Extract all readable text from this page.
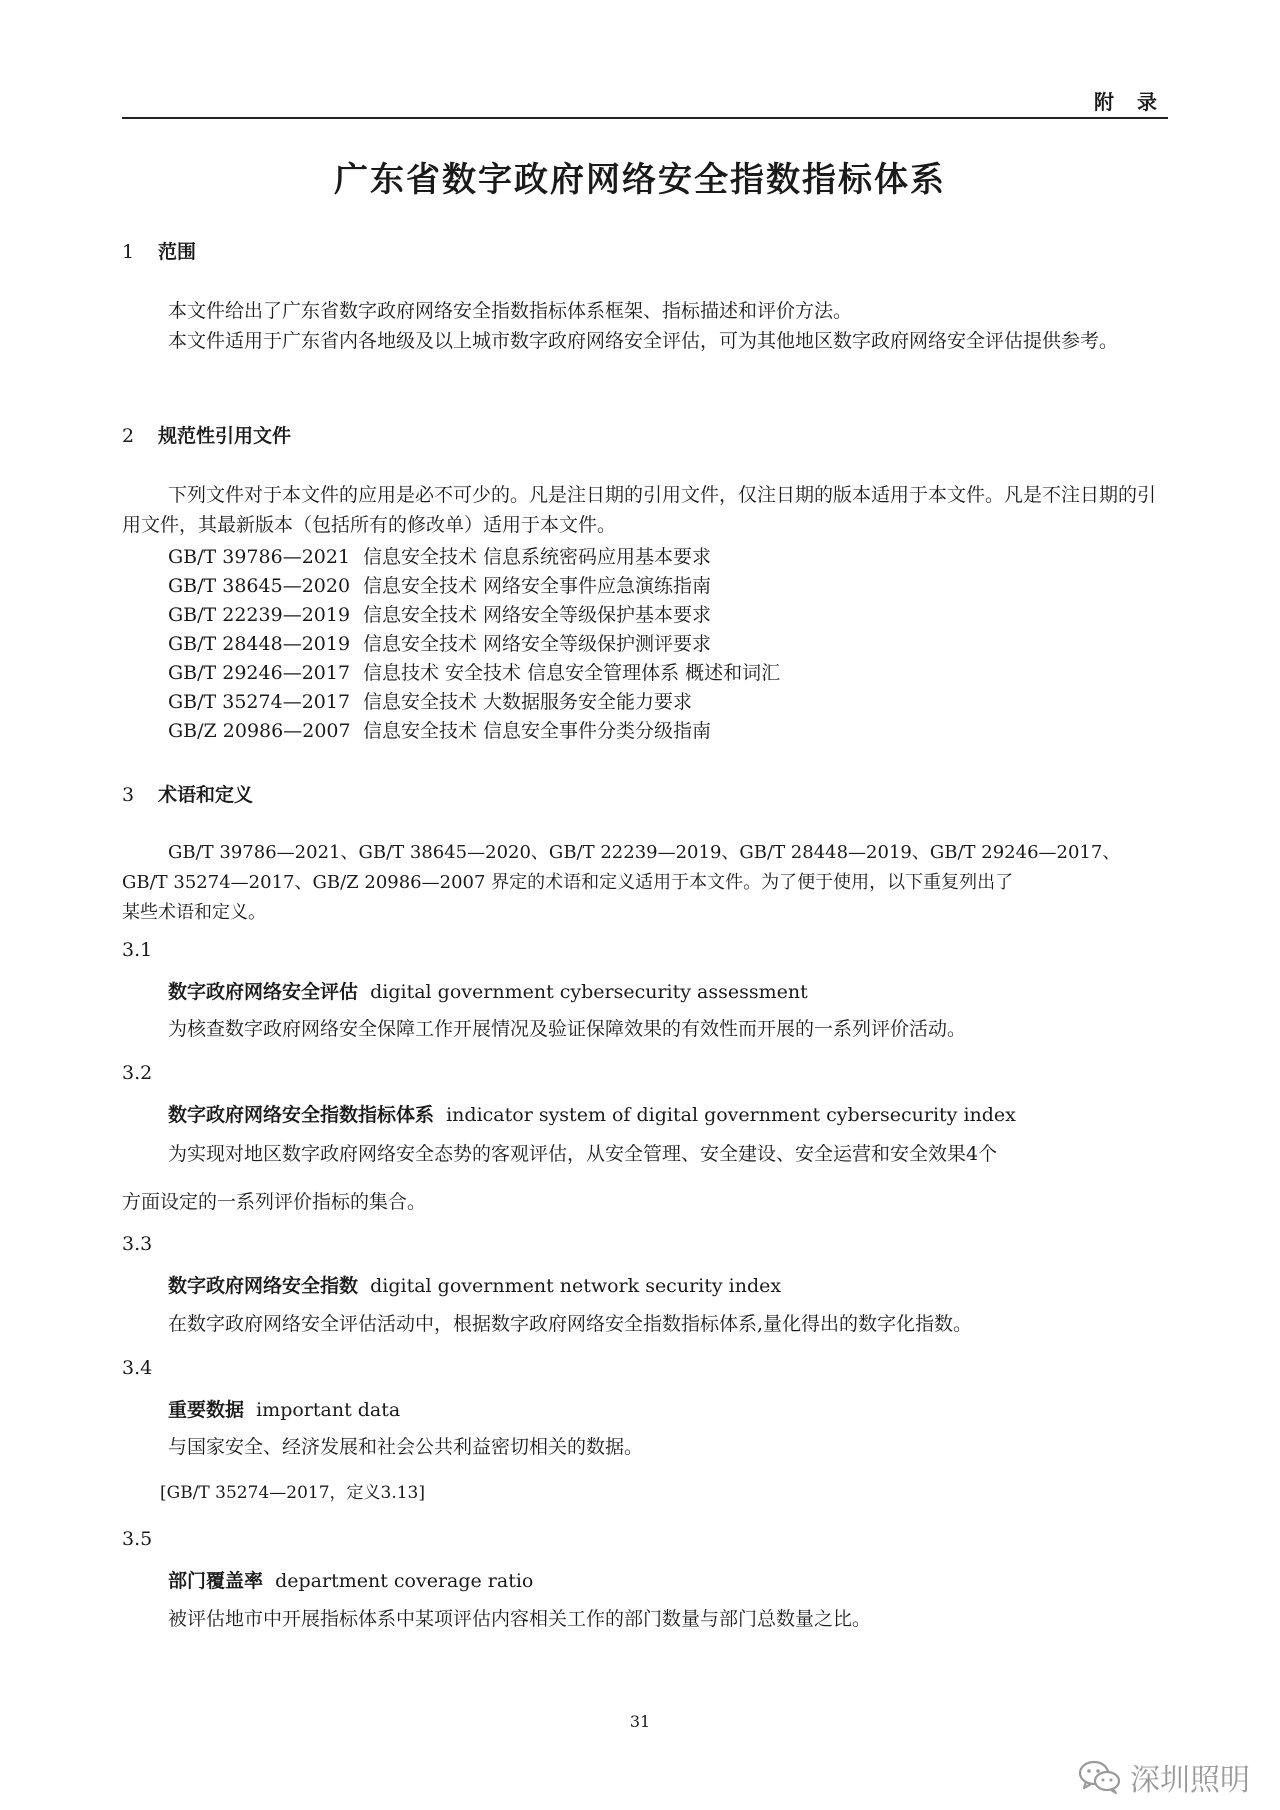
附 录
广东省数字政府网络安全指数指标体系
1 范围
本文件给出了广东省数字政府网络安全指数指标体系框架、指标描述和评价方法。
本文件适用于广东省内各地级及以上城市数字政府网络安全评估，可为其他地区数字政府网络安全评估提供参考。
2 规范性引用文件
下列文件对于本文件的应用是必不可少的。凡是注日期的引用文件，仅注日期的版本适用于本文件。凡是不注日期的引用文件，其最新版本（包括所有的修改单）适用于本文件。
GB/T 39786—2021 信息安全技术 信息系统密码应用基本要求
GB/T 38645—2020 信息安全技术 网络安全事件应急演练指南
GB/T 22239—2019 信息安全技术 网络安全等级保护基本要求
GB/T 28448—2019 信息安全技术 网络安全等级保护测评要求
GB/T 29246—2017 信息技术 安全技术 信息安全管理体系 概述和词汇
GB/T 35274—2017 信息安全技术 大数据服务安全能力要求
GB/Z 20986—2007 信息安全技术 信息安全事件分类分级指南
3 术语和定义
GB/T 39786—2021、GB/T 38645—2020、GB/T 22239—2019、GB/T 28448—2019、GB/T 29246—2017、
GB/T 35274—2017、GB/Z 20986—2007 界定的术语和定义适用于本文件。为了便于使用，以下重复列出了
某些术语和定义。
3.1
数字政府网络安全评估 digital government cybersecurity assessment
为核查数字政府网络安全保障工作开展情况及验证保障效果的有效性而开展的一系列评价活动。
3.2
数字政府网络安全指数指标体系 indicator system of digital government cybersecurity index
为实现对地区数字政府网络安全态势的客观评估，从安全管理、安全建设、安全运营和安全效果4个
方面设定的一系列评价指标的集合。
3.3
数字政府网络安全指数 digital government network security index
在数字政府网络安全评估活动中，根据数字政府网络安全指数指标体系,量化得出的数字化指数。
3.4
重要数据 important data
与国家安全、经济发展和社会公共利益密切相关的数据。
[GB/T 35274—2017，定义3.13]
3.5
部门覆盖率 department coverage ratio
被评估地市中开展指标体系中某项评估内容相关工作的部门数量与部门总数量之比。
31
深圳照明
